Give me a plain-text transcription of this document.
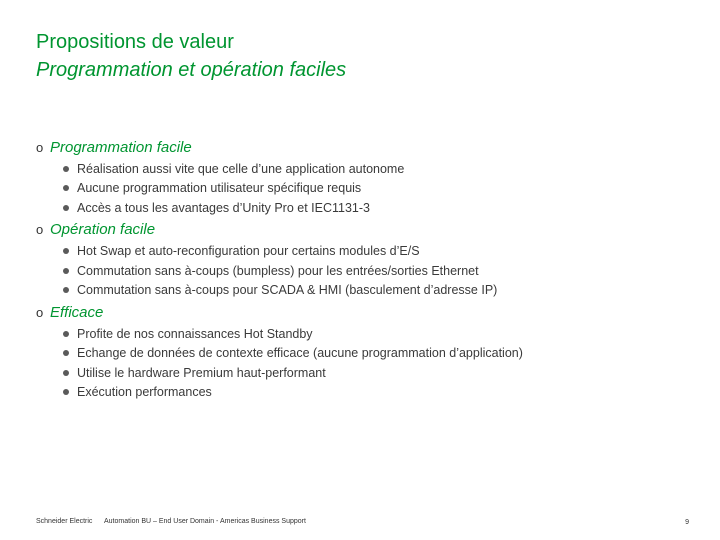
Propositions de valeur
Programmation et opération faciles
o Programmation facile
Réalisation aussi vite que celle d’une application autonome
Aucune programmation utilisateur spécifique requis
Accès a tous les avantages d’Unity Pro et IEC1131-3
o Opération facile
Hot Swap et auto-reconfiguration pour certains modules d’E/S
Commutation sans à-coups (bumpless) pour les entrées/sorties Ethernet
Commutation sans à-coups pour SCADA & HMI (basculement d’adresse IP)
o Efficace
Profite de nos connaissances Hot Standby
Echange de données de contexte efficace (aucune programmation d’application)
Utilise le hardware Premium haut-performant
Exécution performances
Schneider Electric Automation BU – End User Domain - Americas Business Support	9
